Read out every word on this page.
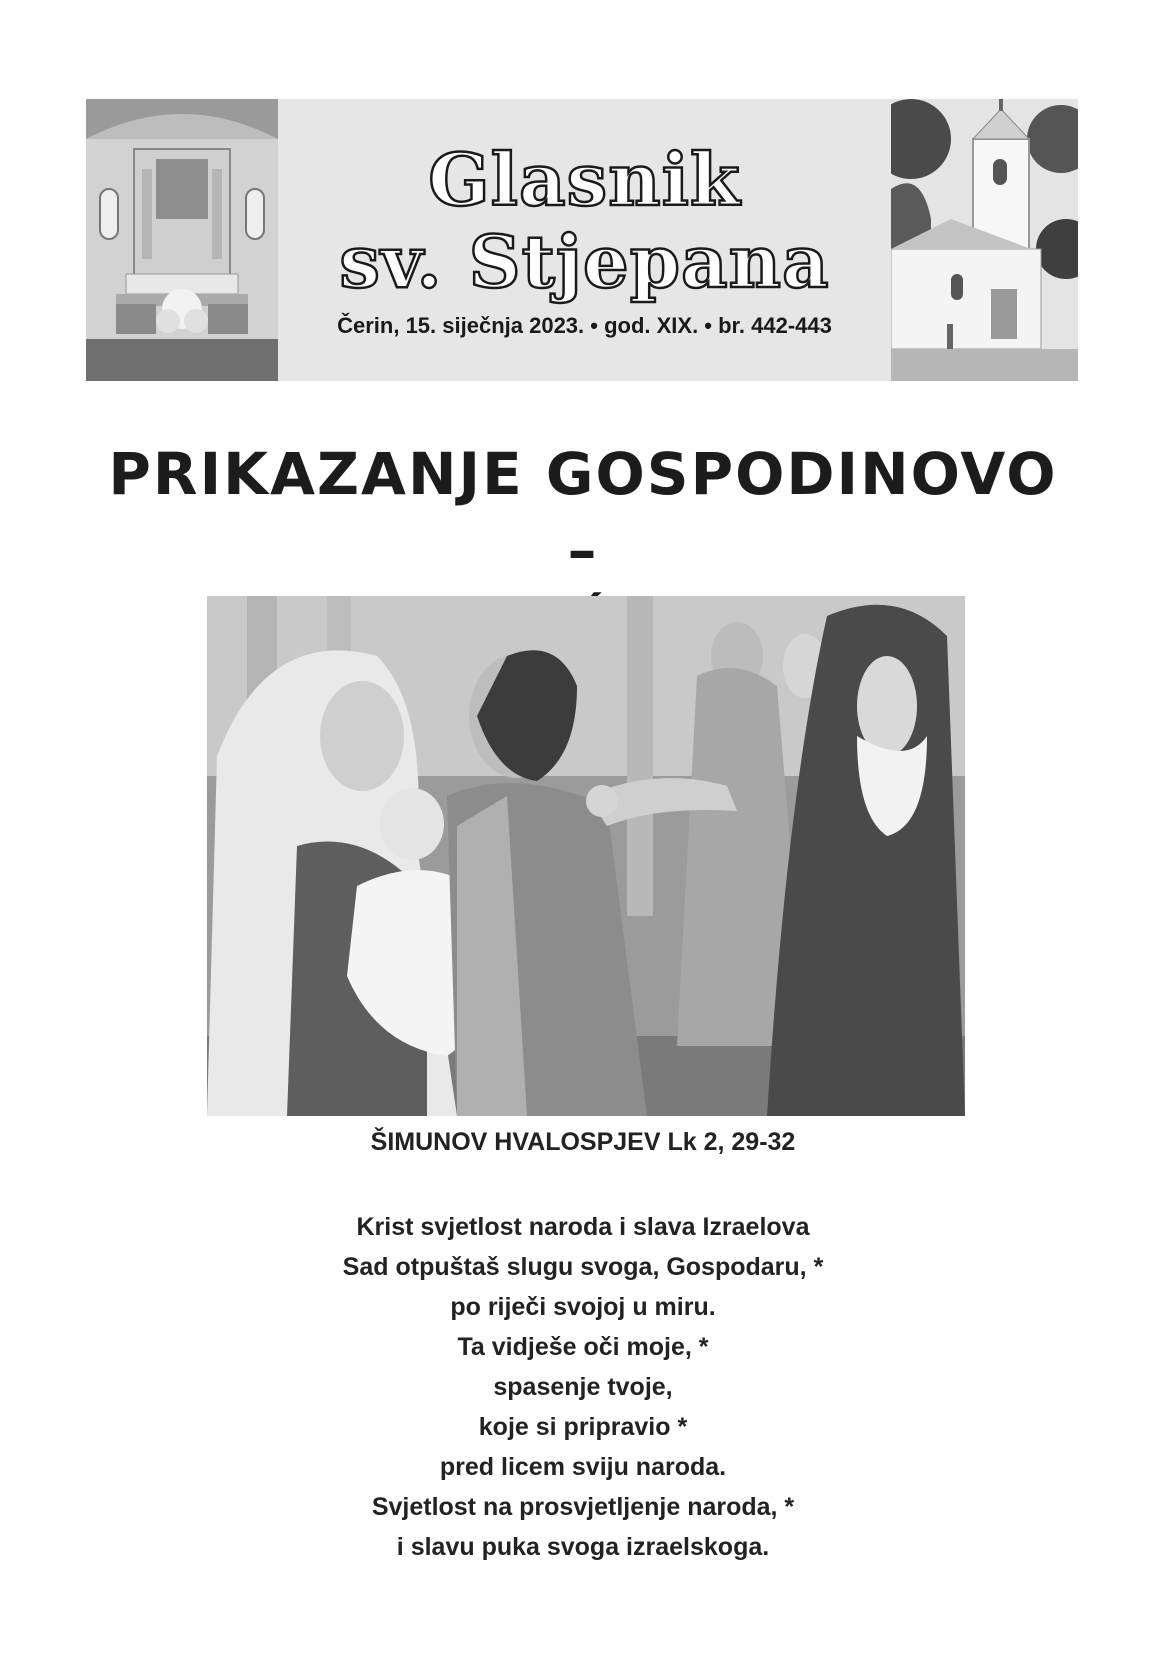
Glasnik
sv. Stjepana
Čerin, 15. siječnja 2023. • god. XIX. • br. 442-443
PRIKAZANJE GOSPODINOVO –
ŠIMUNOV HVALOSPJEV Lk 2, 29-32
Krist svjetlost naroda i slava Izraelova
Sad otpuštaš slugu svoga, Gospodaru, *
po riječi svojoj u miru.
Ta vidješe oči moje, *
spasenje tvoje,
koje si pripravio *
pred licem sviju naroda.
Svjetlost na prosvjetljenje naroda, *
i slavu puka svoga izraelskoga.
